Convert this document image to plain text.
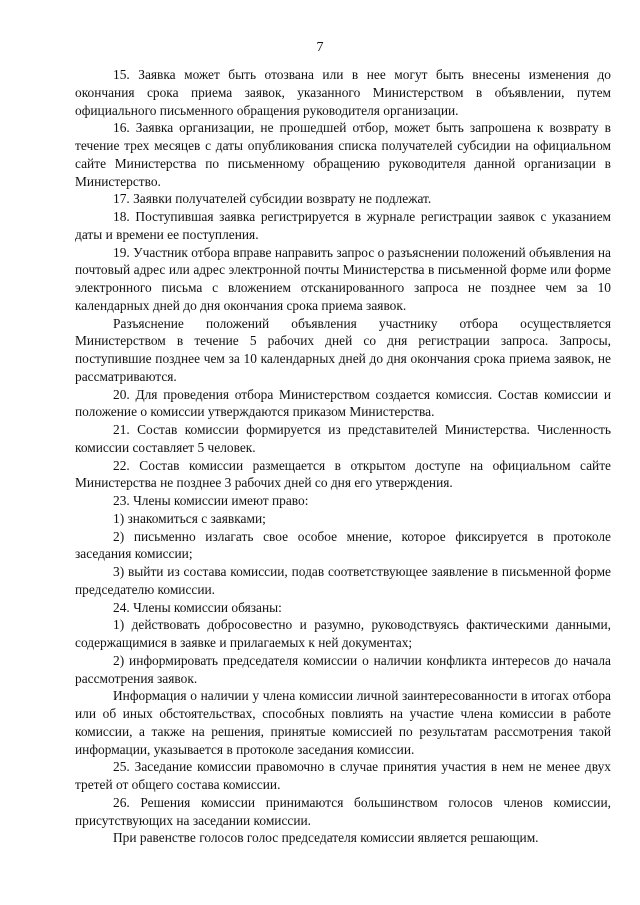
7

15. Заявка может быть отозвана или в нее могут быть внесены изменения до окончания срока приема заявок, указанного Министерством в объявлении, путем официального письменного обращения руководителя организации.

16. Заявка организации, не прошедшей отбор, может быть запрошена к возврату в течение трех месяцев с даты опубликования списка получателей субсидии на официальном сайте Министерства по письменному обращению руководителя данной организации в Министерство.

17. Заявки получателей субсидии возврату не подлежат.

18. Поступившая заявка регистрируется в журнале регистрации заявок с указанием даты и времени ее поступления.

19. Участник отбора вправе направить запрос о разъяснении положений объявления на почтовый адрес или адрес электронной почты Министерства в письменной форме или форме электронного письма с вложением отсканированного запроса не позднее чем за 10 календарных дней до дня окончания срока приема заявок.

Разъяснение положений объявления участнику отбора осуществляется Министерством в течение 5 рабочих дней со дня регистрации запроса. Запросы, поступившие позднее чем за 10 календарных дней до дня окончания срока приема заявок, не рассматриваются.

20. Для проведения отбора Министерством создается комиссия. Состав комиссии и положение о комиссии утверждаются приказом Министерства.

21. Состав комиссии формируется из представителей Министерства. Численность комиссии составляет 5 человек.

22. Состав комиссии размещается в открытом доступе на официальном сайте Министерства не позднее 3 рабочих дней со дня его утверждения.

23. Члены комиссии имеют право:

1) знакомиться с заявками;

2) письменно излагать свое особое мнение, которое фиксируется в протоколе заседания комиссии;

3) выйти из состава комиссии, подав соответствующее заявление в письменной форме председателю комиссии.

24. Члены комиссии обязаны:

1) действовать добросовестно и разумно, руководствуясь фактическими данными, содержащимися в заявке и прилагаемых к ней документах;

2) информировать председателя комиссии о наличии конфликта интересов до начала рассмотрения заявок.

Информация о наличии у члена комиссии личной заинтересованности в итогах отбора или об иных обстоятельствах, способных повлиять на участие члена комиссии в работе комиссии, а также на решения, принятые комиссией по результатам рассмотрения такой информации, указывается в протоколе заседания комиссии.

25. Заседание комиссии правомочно в случае принятия участия в нем не менее двух третей от общего состава комиссии.

26. Решения комиссии принимаются большинством голосов членов комиссии, присутствующих на заседании комиссии.

При равенстве голосов голос председателя комиссии является решающим.
